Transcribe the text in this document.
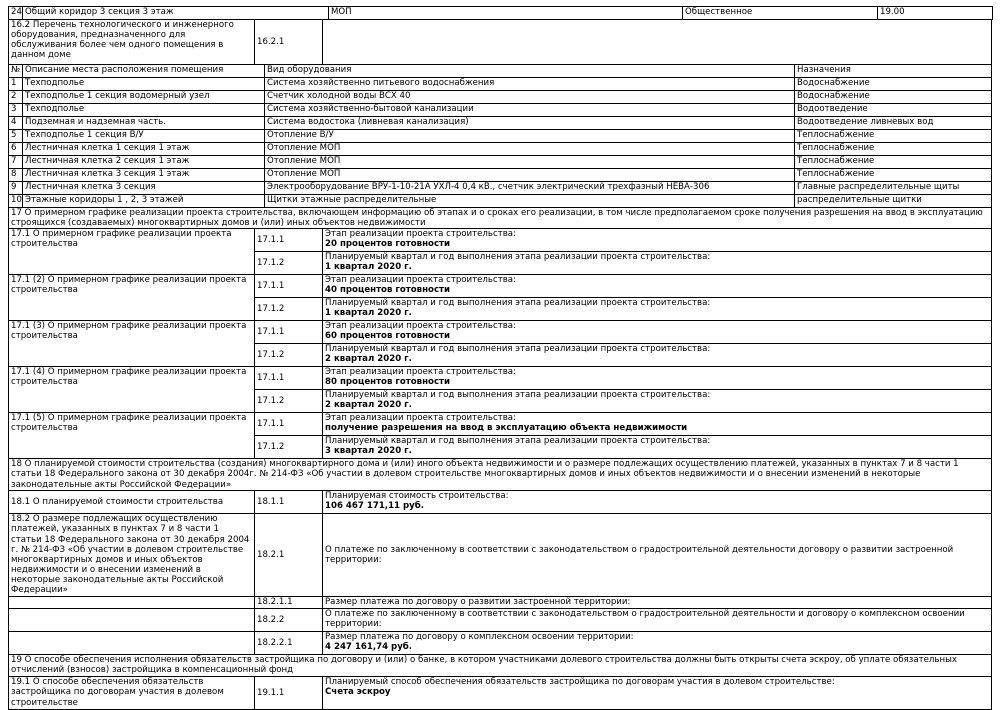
24	Общий коридор 3 секция 3 этаж	МОП	Общественное	19.00
16.2 Перечень технологического и инженерного оборудования, предназначенного для обслуживания более чем одного помещения в данном доме	16.2.1	
№	Описание места расположения помещения	Вид оборудования	Назначения
1	Техподполье	Система хозяйственно питьевого водоснабжения	Водоснабжение
2	Техподполье 1 секция водомерный узел	Счетчик холодной воды ВСХ 40	Водоснабжение
3	Техподполье	Система хозяйственно-бытовой канализации	Водоотведение
4	Подземная и надземная часть.	Система водостока (ливневая канализация)	Водоотведение ливневых вод
5	Техподполье 1 секция В/У	Отопление В/У	Теплоснабжение
6	Лестничная клетка 1 секция 1 этаж	Отопление МОП	Теплоснабжение
7	Лестничная клетка 2 секция 1 этаж	Отопление МОП	Теплоснабжение
8	Лестничная клетка 3 секция 1 этаж	Отопление МОП	Теплоснабжение
9	Лестничная клетка 3 секция	Электрооборудование ВРУ-1-10-21А УХЛ-4 0,4 кВ., счетчик электрический трехфазный НЕВА-306	Главные распределительные щиты
10	Этажные коридоры 1 , 2, 3 этажей	Щитки этажные распределительные	распределительные щитки
17 О примерном графике реализации проекта строительства, включающем информацию об этапах и о сроках его реализации, в том числе предполагаемом сроке получения разрешения на ввод в эксплуатацию строящихся (создаваемых) многоквартирных домов и (или) иных объектов недвижимости		
17.1 О примерном графике реализации проекта строительства	17.1.1	Этап реализации проекта строительства:
20 процентов готовности

	17.1.2	Планируемый квартал и год выполнения этапа реализации проекта строительства:
1 квартал 2020 г.

17.1 (2) О примерном графике реализации проекта строительства	17.1.1	Этап реализации проекта строительства:
40 процентов готовности

	17.1.2	Планируемый квартал и год выполнения этапа реализации проекта строительства:
1 квартал 2020 г.

17.1 (3) О примерном графике реализации проекта строительства	17.1.1	Этап реализации проекта строительства:
60 процентов готовности

	17.1.2	Планируемый квартал и год выполнения этапа реализации проекта строительства:
2 квартал 2020 г.

17.1 (4) О примерном графике реализации проекта строительства	17.1.1	Этап реализации проекта строительства:
80 процентов готовности

	17.1.2	Планируемый квартал и год выполнения этапа реализации проекта строительства:
2 квартал 2020 г.

17.1 (5) О примерном графике реализации проекта строительства	17.1.1	Этап реализации проекта строительства:
получение разрешения на ввод в эксплуатацию объекта недвижимости

	17.1.2	Планируемый квартал и год выполнения этапа реализации проекта строительства:
3 квартал 2020 г.

18 О планируемой стоимости строительства (создания) многоквартирного дома и (или) иного объекта недвижимости и о размере подлежащих осуществлению платежей, указанных в пунктах 7 и 8 части 1 статьи 18 Федерального закона от 30 декабря 2004г. № 214-ФЗ «Об участии в долевом строительстве многоквартирных домов и иных объектов недвижимости и о внесении изменений в некоторые законодательные акты Российской Федерации»		
18.1 О планируемой стоимости строительства	18.1.1	Планируемая стоимость строительства:
106 467 171,11 руб.

18.2 О размере подлежащих осуществлению платежей, указанных в пунктах 7 и 8 части 1 статьи 18 Федерального закона от 30 декабря 2004 г. № 214-ФЗ «Об участии в долевом строительстве многоквартирных домов и иных объектов недвижимости и о внесении изменений в некоторые законодательные акты Российской Федерации»	18.2.1	О платеже по заключенному в соответствии с законодательством о градостроительной деятельности договору о развитии застроенной территории:
	18.2.1.1	Размер платежа по договору о развитии застроенной территории:
	18.2.2	О платеже по заключенному в соответствии с законодательством о градостроительной деятельности и договору о комплексном освоении территории:
	18.2.2.1	Размер платежа по договору о комплексном освоении территории:
4 247 161,74 руб.

19 О способе обеспечения исполнения обязательств застройщика по договору и (или) о банке, в котором участниками долевого строительства должны быть открыты счета эскроу, об уплате обязательных отчислений (взносов) застройщика в компенсационный фонд		
19.1 О способе обеспечения обязательств застройщика по договорам участия в долевом строительстве	19.1.1	Планируемый способ обеспечения обязательств застройщика по договорам участия в долевом строительстве:
Счета эскроу
